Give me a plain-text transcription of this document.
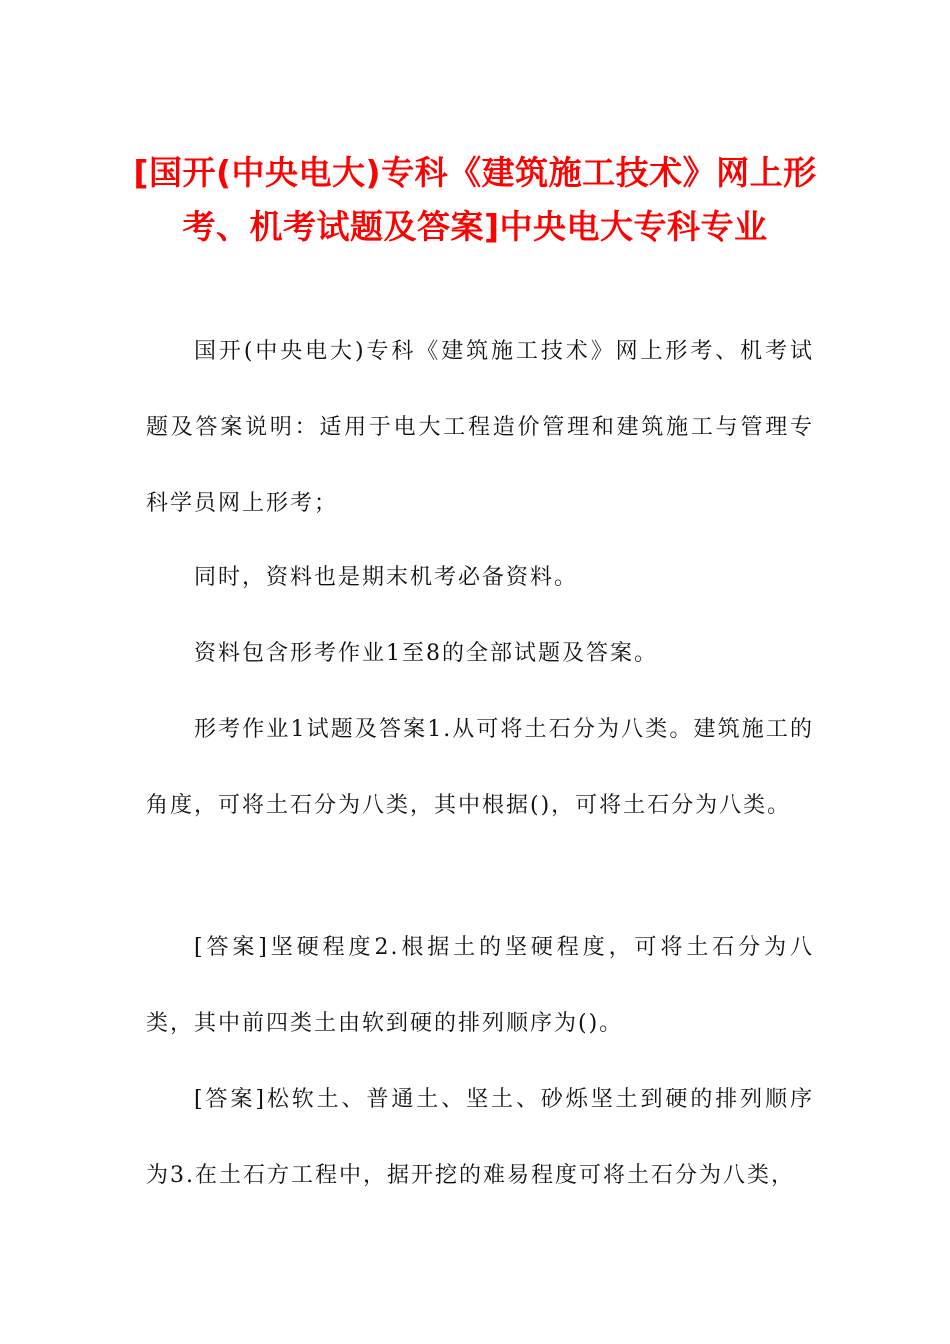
[国开(中央电大)专科《建筑施工技术》网上形考、机考试题及答案]中央电大专科专业

国开(中央电大)专科《建筑施工技术》网上形考、机考试题及答案说明：适用于电大工程造价管理和建筑施工与管理专科学员网上形考；

同时，资料也是期末机考必备资料。

资料包含形考作业1至8的全部试题及答案。

形考作业1试题及答案1.从可将土石分为八类。建筑施工的角度，可将土石分为八类，其中根据()，可将土石分为八类。

[答案]坚硬程度2.根据土的坚硬程度，可将土石分为八类，其中前四类土由软到硬的排列顺序为()。

[答案]松软土、普通土、坚土、砂烁坚土到硬的排列顺序为3.在土石方工程中，据开挖的难易程度可将土石分为八类，
